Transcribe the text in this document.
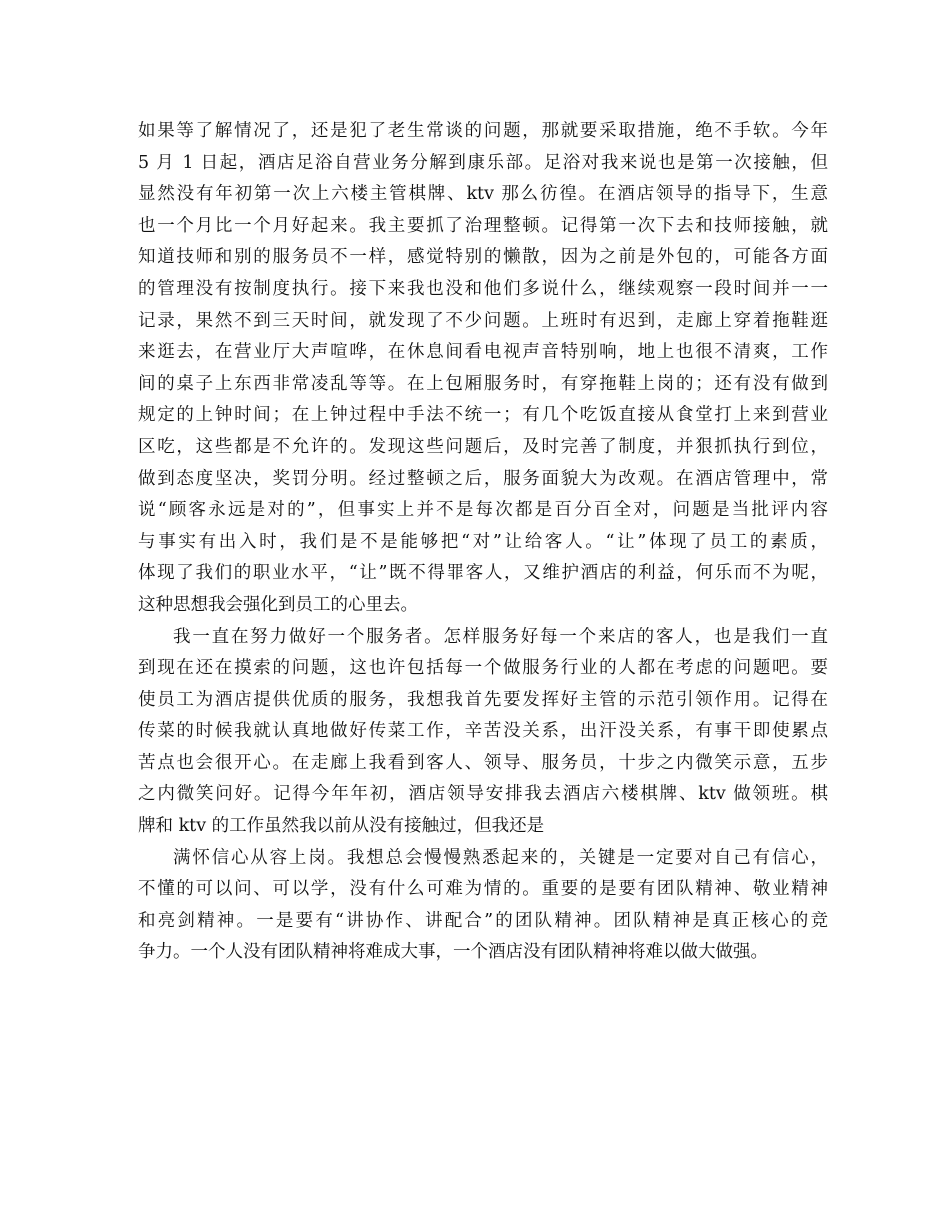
如果等了解情况了，还是犯了老生常谈的问题，那就要采取措施，绝不手软。今年
5 月 1 日起，酒店足浴自营业务分解到康乐部。足浴对我来说也是第一次接触，但
显然没有年初第一次上六楼主管棋牌、ktv 那么彷徨。在酒店领导的指导下，生意
也一个月比一个月好起来。我主要抓了治理整顿。记得第一次下去和技师接触，就
知道技师和别的服务员不一样，感觉特别的懒散，因为之前是外包的，可能各方面
的管理没有按制度执行。接下来我也没和他们多说什么，继续观察一段时间并一一
记录，果然不到三天时间，就发现了不少问题。上班时有迟到，走廊上穿着拖鞋逛
来逛去，在营业厅大声喧哗，在休息间看电视声音特别响，地上也很不清爽，工作
间的桌子上东西非常凌乱等等。在上包厢服务时，有穿拖鞋上岗的；还有没有做到
规定的上钟时间；在上钟过程中手法不统一；有几个吃饭直接从食堂打上来到营业
区吃，这些都是不允许的。发现这些问题后，及时完善了制度，并狠抓执行到位，
做到态度坚决，奖罚分明。经过整顿之后，服务面貌大为改观。在酒店管理中，常
说“顾客永远是对的”，但事实上并不是每次都是百分百全对，问题是当批评内容
与事实有出入时，我们是不是能够把“对”让给客人。“让”体现了员工的素质，
体现了我们的职业水平，“让”既不得罪客人，又维护酒店的利益，何乐而不为呢，
这种思想我会强化到员工的心里去。
我一直在努力做好一个服务者。怎样服务好每一个来店的客人，也是我们一直
到现在还在摸索的问题，这也许包括每一个做服务行业的人都在考虑的问题吧。要
使员工为酒店提供优质的服务，我想我首先要发挥好主管的示范引领作用。记得在
传菜的时候我就认真地做好传菜工作，辛苦没关系，出汗没关系，有事干即使累点
苦点也会很开心。在走廊上我看到客人、领导、服务员，十步之内微笑示意，五步
之内微笑问好。记得今年年初，酒店领导安排我去酒店六楼棋牌、ktv 做领班。棋
牌和 ktv 的工作虽然我以前从没有接触过，但我还是
满怀信心从容上岗。我想总会慢慢熟悉起来的，关键是一定要对自己有信心，
不懂的可以问、可以学，没有什么可难为情的。重要的是要有团队精神、敬业精神
和亮剑精神。一是要有“讲协作、讲配合”的团队精神。团队精神是真正核心的竞
争力。一个人没有团队精神将难成大事，一个酒店没有团队精神将难以做大做强。
